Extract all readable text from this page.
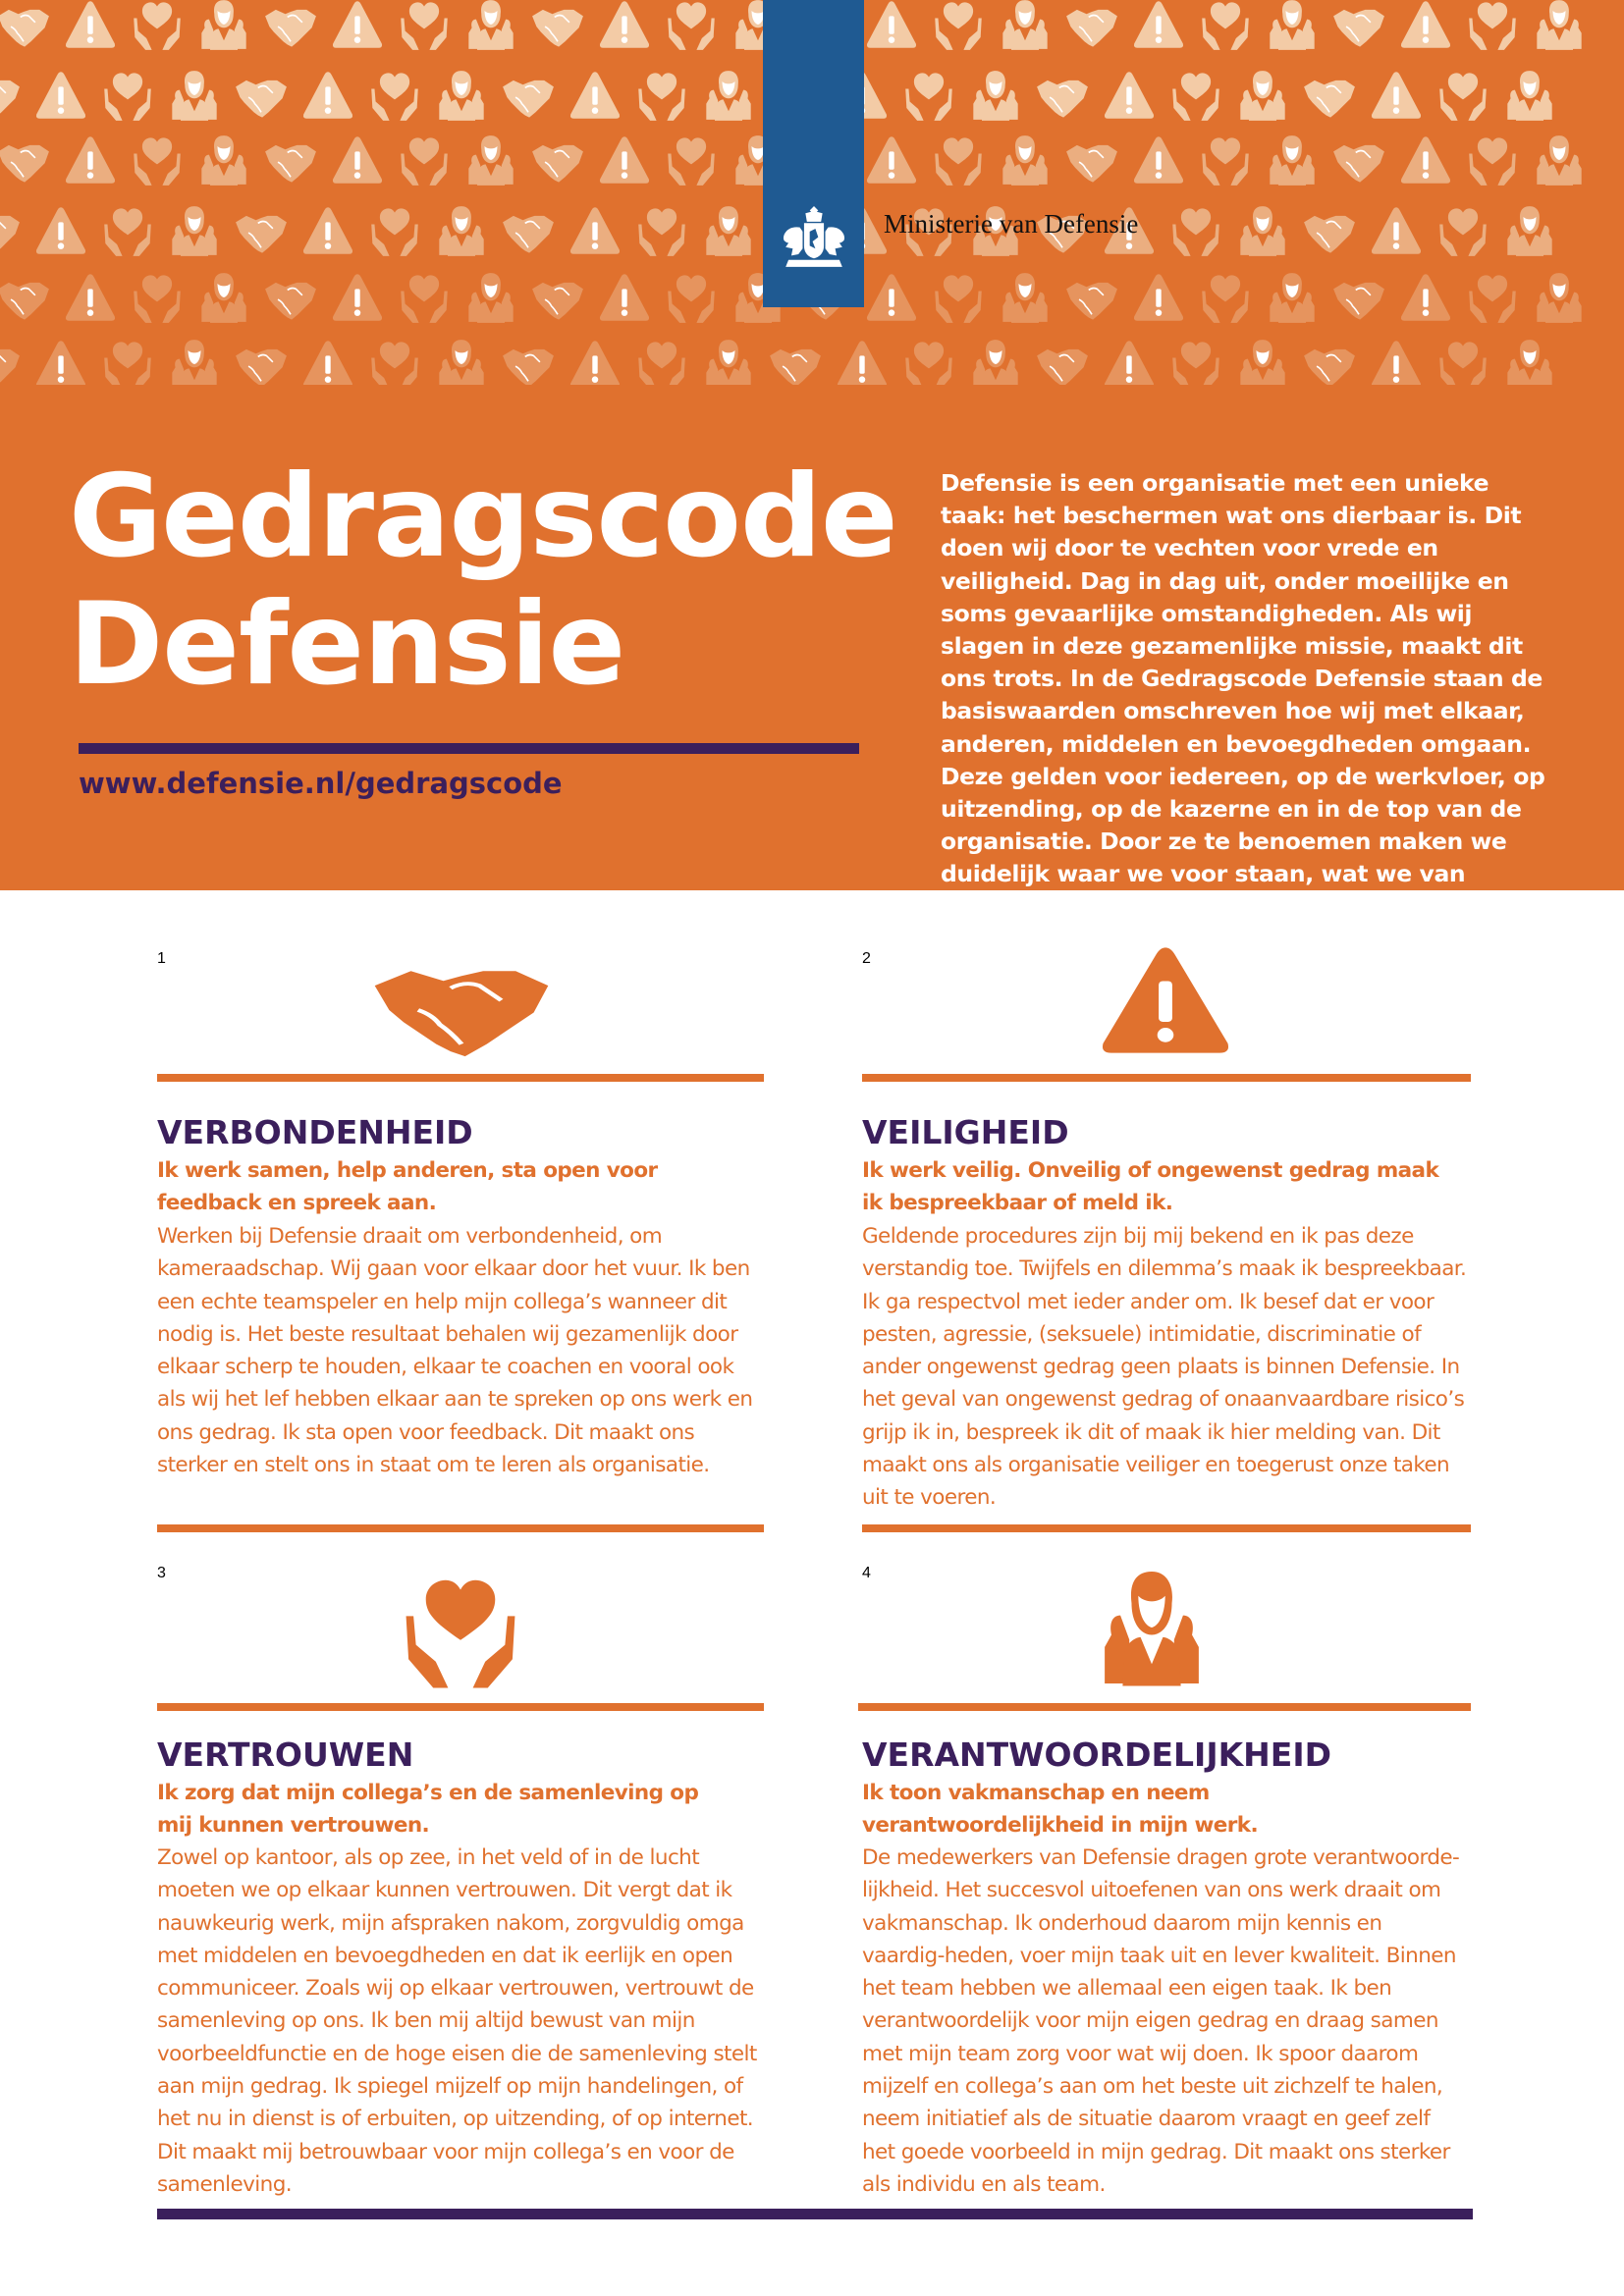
Ministerie van Defensie
Gedragscode
Defensie
www.defensie.nl/gedragscode
Defensie is een organisatie met een unieke taak: het beschermen wat ons dierbaar is. Dit doen wij door te vechten voor vrede en veiligheid. Dag in dag uit, onder moeilijke en soms gevaarlijke omstandigheden. Als wij slagen in deze gezamenlijke missie, maakt dit ons trots. In de Gedragscode Defensie staan de basiswaarden omschreven hoe wij met elkaar, anderen, middelen en bevoegdheden omgaan. Deze gelden voor iedereen, op de werkvloer, op uitzending, op de kazerne en in de top van de organisatie. Door ze te benoemen maken we duidelijk waar we voor staan, wat we van elkaar en wat anderen van ons mogen verwachten.
1
VERBONDENHEID
Ik werk samen, help anderen, sta open voor feedback en spreek aan.
Werken bij Defensie draait om verbondenheid, om kameraadschap. Wij gaan voor elkaar door het vuur. Ik ben een echte teamspeler en help mijn collega’s wanneer dit nodig is. Het beste resultaat behalen wij gezamenlijk door elkaar scherp te houden, elkaar te coachen en vooral ook als wij het lef hebben elkaar aan te spreken op ons werk en ons gedrag. Ik sta open voor feedback. Dit maakt ons sterker en stelt ons in staat om te leren als organisatie.
2
VEILIGHEID
Ik werk veilig. Onveilig of ongewenst gedrag maak ik bespreekbaar of meld ik.
Geldende procedures zijn bij mij bekend en ik pas deze verstandig toe. Twijfels en dilemma’s maak ik bespreekbaar. Ik ga respectvol met ieder ander om. Ik besef dat er voor pesten, agressie, (seksuele) intimidatie, discriminatie of ander ongewenst gedrag geen plaats is binnen Defensie. In het geval van ongewenst gedrag of onaanvaardbare risico’s grijp ik in, bespreek ik dit of maak ik hier melding van. Dit maakt ons als organisatie veiliger en toegerust onze taken uit te voeren.
3
VERTROUWEN
Ik zorg dat mijn collega’s en de samenleving op mij kunnen vertrouwen.
Zowel op kantoor, als op zee, in het veld of in de lucht moeten we op elkaar kunnen vertrouwen. Dit vergt dat ik nauwkeurig werk, mijn afspraken nakom, zorgvuldig omga met middelen en bevoegdheden en dat ik eerlijk en open communiceer. Zoals wij op elkaar vertrouwen, vertrouwt de samenleving op ons. Ik ben mij altijd bewust van mijn voorbeeldfunctie en de hoge eisen die de samenleving stelt aan mijn gedrag. Ik spiegel mijzelf op mijn handelingen, of het nu in dienst is of erbuiten, op uitzending, of op internet. Dit maakt mij betrouwbaar voor mijn collega’s en voor de samenleving.
4
VERANTWOORDELIJKHEID
Ik toon vakmanschap en neem verantwoordelijkheid in mijn werk.
De medewerkers van Defensie dragen grote verantwoorde-lijkheid. Het succesvol uitoefenen van ons werk draait om vakmanschap. Ik onderhoud daarom mijn kennis en vaardig-heden, voer mijn taak uit en lever kwaliteit. Binnen het team hebben we allemaal een eigen taak. Ik ben verantwoordelijk voor mijn eigen gedrag en draag samen met mijn team zorg voor wat wij doen. Ik spoor daarom mijzelf en collega’s aan om het beste uit zichzelf te halen, neem initiatief als de situatie daarom vraagt en geef zelf het goede voorbeeld in mijn gedrag. Dit maakt ons sterker als individu en als team.
